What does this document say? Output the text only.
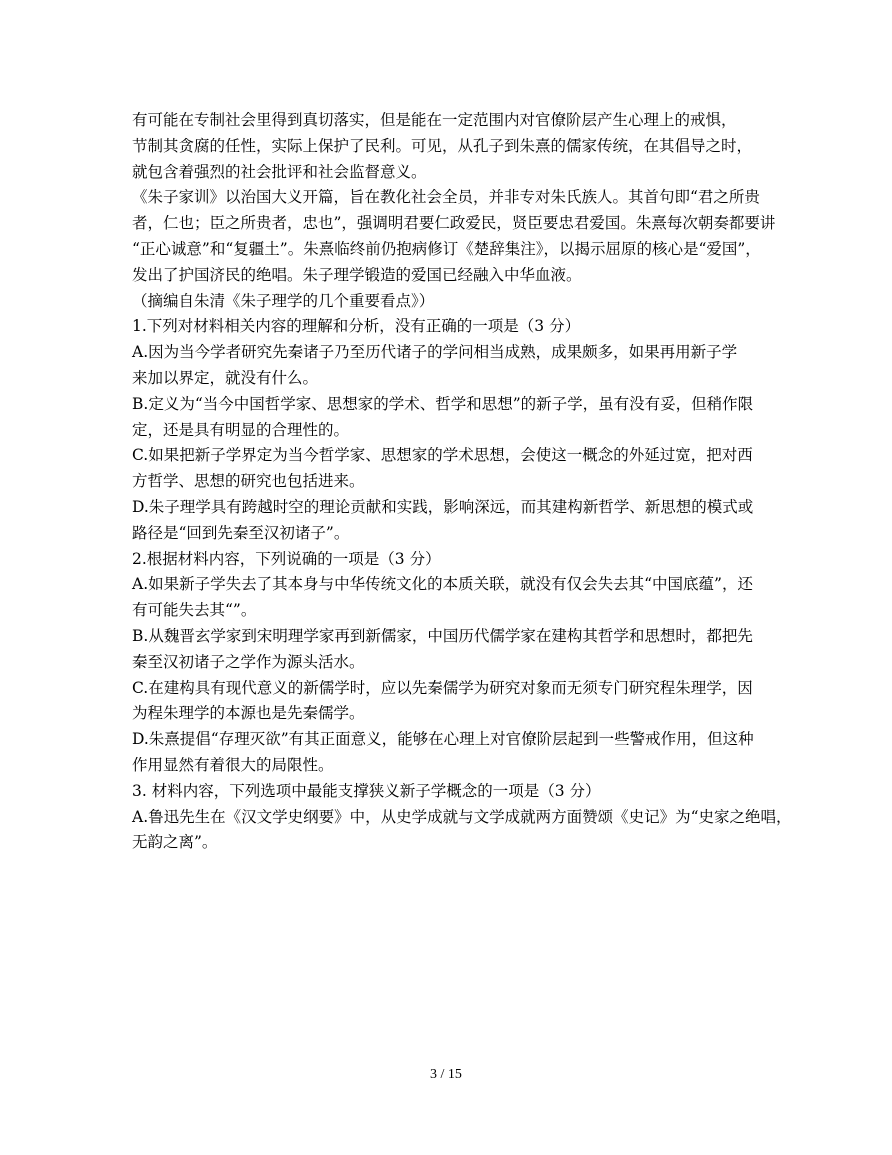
有可能在专制社会里得到真切落实，但是能在一定范围内对官僚阶层产生心理上的戒惧，
节制其贪腐的任性，实际上保护了民利。可见，从孔子到朱熹的儒家传统，在其倡导之时，
就包含着强烈的社会批评和社会监督意义。
《朱子家训》以治国大义开篇，旨在教化社会全员，并非专对朱氏族人。其首句即“君之所贵
者，仁也；臣之所贵者，忠也”，强调明君要仁政爱民，贤臣要忠君爱国。朱熹每次朝奏都要讲
“正心诚意”和“复疆土”。朱熹临终前仍抱病修订《楚辞集注》，以揭示屈原的核心是“爱国”，
发出了护国济民的绝唱。朱子理学锻造的爱国已经融入中华血液。
（摘编自朱清《朱子理学的几个重要看点》）
1.下列对材料相关内容的理解和分析，没有正确的一项是（3 分）
A.因为当今学者研究先秦诸子乃至历代诸子的学问相当成熟，成果颇多，如果再用新子学
来加以界定，就没有什么。
B.定义为“当今中国哲学家、思想家的学术、哲学和思想”的新子学，虽有没有妥，但稍作限
定，还是具有明显的合理性的。
C.如果把新子学界定为当今哲学家、思想家的学术思想，会使这一概念的外延过宽，把对西
方哲学、思想的研究也包括进来。
D.朱子理学具有跨越时空的理论贡献和实践，影响深远，而其建构新哲学、新思想的模式或
路径是“回到先秦至汉初诸子”。
2.根据材料内容，下列说确的一项是（3 分）
A.如果新子学失去了其本身与中华传统文化的本质关联，就没有仅会失去其“中国底蕴”，还
有可能失去其“”。
B.从魏晋玄学家到宋明理学家再到新儒家，中国历代儒学家在建构其哲学和思想时，都把先
秦至汉初诸子之学作为源头活水。
C.在建构具有现代意义的新儒学时，应以先秦儒学为研究对象而无须专门研究程朱理学，因
为程朱理学的本源也是先秦儒学。
D.朱熹提倡“存理灭欲”有其正面意义，能够在心理上对官僚阶层起到一些警戒作用，但这种
作用显然有着很大的局限性。
3. 材料内容，下列选项中最能支撑狭义新子学概念的一项是（3 分）
A.鲁迅先生在《汉文学史纲要》中，从史学成就与文学成就两方面赞颂《史记》为“史家之绝唱，
无韵之离”。
3 / 15
